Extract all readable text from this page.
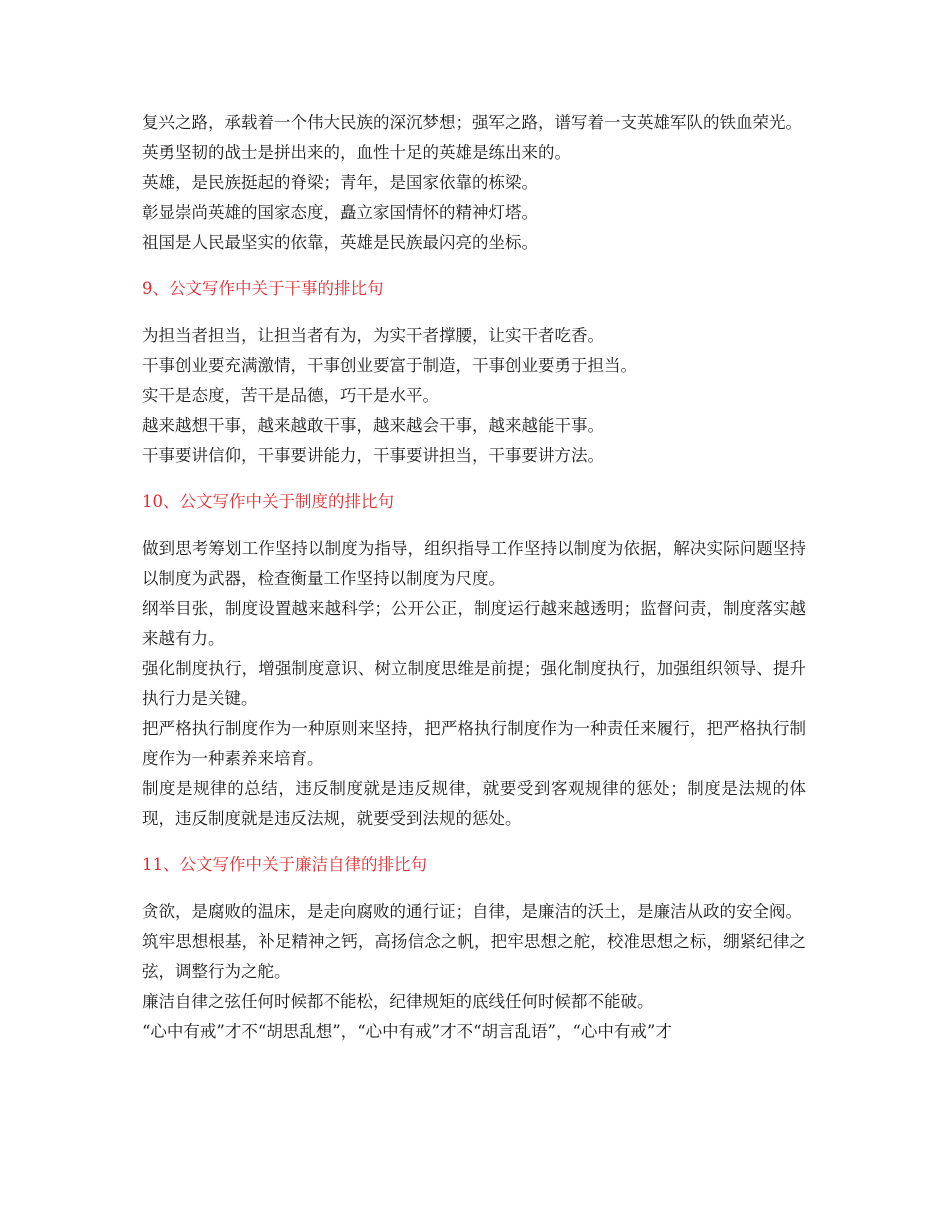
复兴之路，承载着一个伟大民族的深沉梦想；强军之路，谱写着一支英雄军队的铁血荣光。

英勇坚韧的战士是拼出来的，血性十足的英雄是练出来的。

英雄，是民族挺起的脊梁；青年，是国家依靠的栋梁。

彰显崇尚英雄的国家态度，矗立家国情怀的精神灯塔。

祖国是人民最坚实的依靠，英雄是民族最闪亮的坐标。

9、公文写作中关于干事的排比句

为担当者担当，让担当者有为，为实干者撑腰，让实干者吃香。

干事创业要充满激情，干事创业要富于制造，干事创业要勇于担当。

实干是态度，苦干是品德，巧干是水平。

越来越想干事，越来越敢干事，越来越会干事，越来越能干事。

干事要讲信仰，干事要讲能力，干事要讲担当，干事要讲方法。

10、公文写作中关于制度的排比句

做到思考筹划工作坚持以制度为指导，组织指导工作坚持以制度为依据，解决实际问题坚持以制度为武器，检查衡量工作坚持以制度为尺度。

纲举目张，制度设置越来越科学；公开公正，制度运行越来越透明；监督问责，制度落实越来越有力。

强化制度执行，增强制度意识、树立制度思维是前提；强化制度执行，加强组织领导、提升执行力是关键。

把严格执行制度作为一种原则来坚持，把严格执行制度作为一种责任来履行，把严格执行制度作为一种素养来培育。

制度是规律的总结，违反制度就是违反规律，就要受到客观规律的惩处；制度是法规的体现，违反制度就是违反法规，就要受到法规的惩处。

11、公文写作中关于廉洁自律的排比句

贪欲，是腐败的温床，是走向腐败的通行证；自律，是廉洁的沃土，是廉洁从政的安全阀。

筑牢思想根基，补足精神之钙，高扬信念之帆，把牢思想之舵，校准思想之标，绷紧纪律之弦，调整行为之舵。

廉洁自律之弦任何时候都不能松，纪律规矩的底线任何时候都不能破。

“心中有戒”才不“胡思乱想”，“心中有戒”才不“胡言乱语”，“心中有戒”才
